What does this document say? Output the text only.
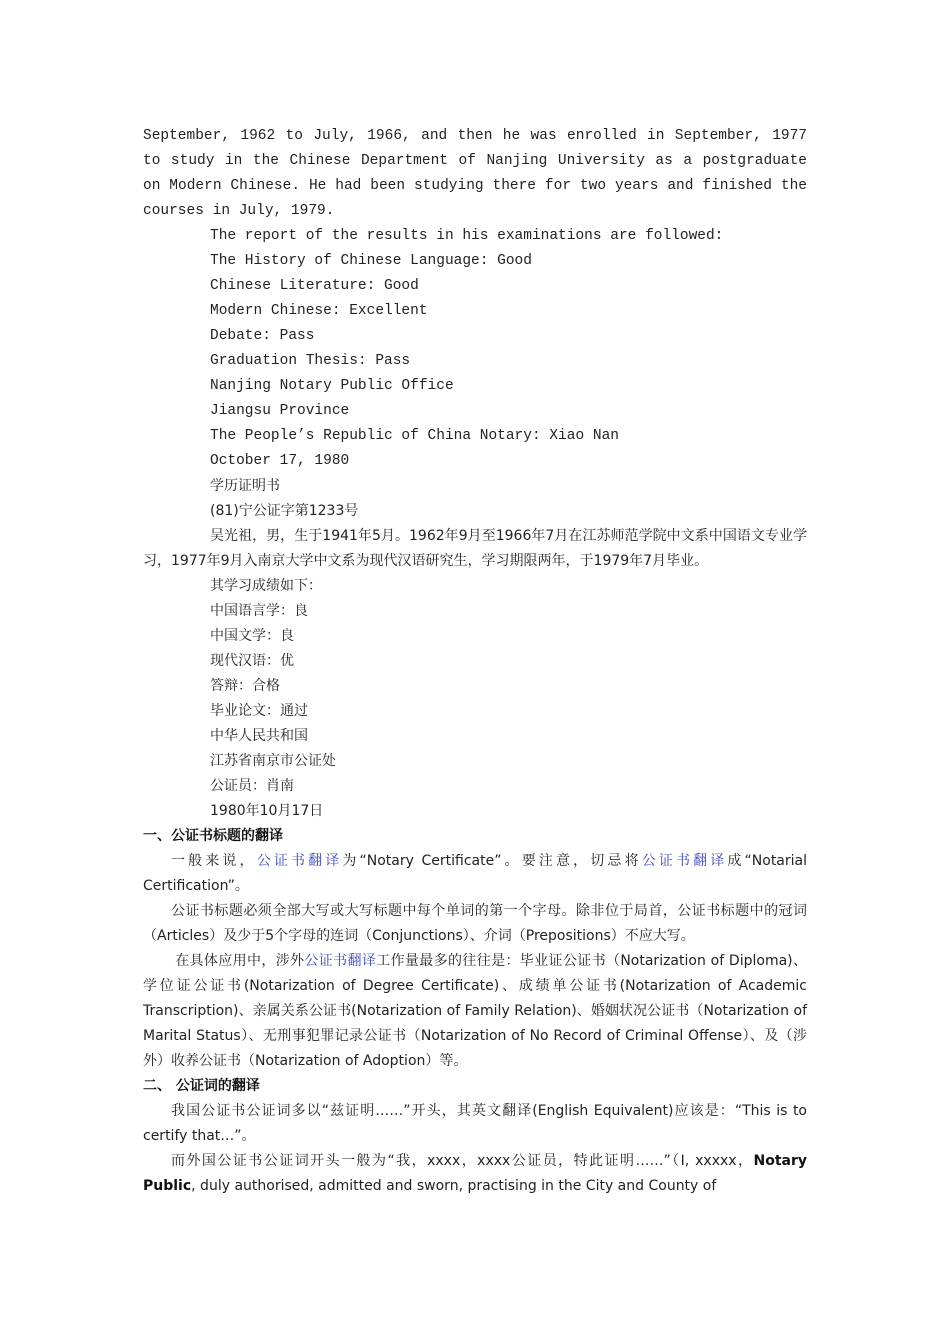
September, 1962 to July, 1966, and then he was enrolled in September, 1977 to study in the Chinese Department of Nanjing University as a postgraduate on Modern Chinese. He had been studying there for two years and finished the courses in July, 1979.

The report of the results in his examinations are followed:

The History of Chinese Language: Good

Chinese Literature: Good

Modern Chinese: Excellent

Debate: Pass

Graduation Thesis: Pass

Nanjing Notary Public Office

Jiangsu Province

The People’s Republic of China Notary: Xiao Nan

October 17, 1980

学历证明书

(81)宁公证字第1233号

吴光祖，男，生于1941年5月。1962年9月至1966年7月在江苏师范学院中文系中国语文专业学习，1977年9月入南京大学中文系为现代汉语研究生，学习期限两年，于1979年7月毕业。

其学习成绩如下：

中国语言学：良

中国文学：良

现代汉语：优

答辩：合格

毕业论文：通过

中华人民共和国

江苏省南京市公证处

公证员：肖南

1980年10月17日

一、公证书标题的翻译

一般来说，公证书翻译为“Notary Certificate”。要注意，切忌将公证书翻译成“Notarial Certification”。

公证书标题必须全部大写或大写标题中每个单词的第一个字母。除非位于局首，公证书标题中的冠词（Articles）及少于5个字母的连词（Conjunctions）、介词（Prepositions）不应大写。

在具体应用中，涉外公证书翻译工作量最多的往往是：毕业证公证书（Notarization of Diploma)、学位证公证书(Notarization of Degree Certificate)、成绩单公证书(Notarization of Academic Transcription)、亲属关系公证书(Notarization of Family Relation)、婚姻状况公证书（Notarization of Marital Status）、无刑事犯罪记录公证书（Notarization of No Record of Criminal Offense）、及（涉外）收养公证书（Notarization of Adoption）等。

二、 公证词的翻译

我国公证书公证词多以“兹证明……”开头，其英文翻译(English Equivalent)应该是：“This is to certify that…”。

而外国公证书公证词开头一般为“我，xxxx，xxxx公证员，特此证明……”（I, xxxxx，Notary Public, duly authorised, admitted and sworn, practising in the City and County of
